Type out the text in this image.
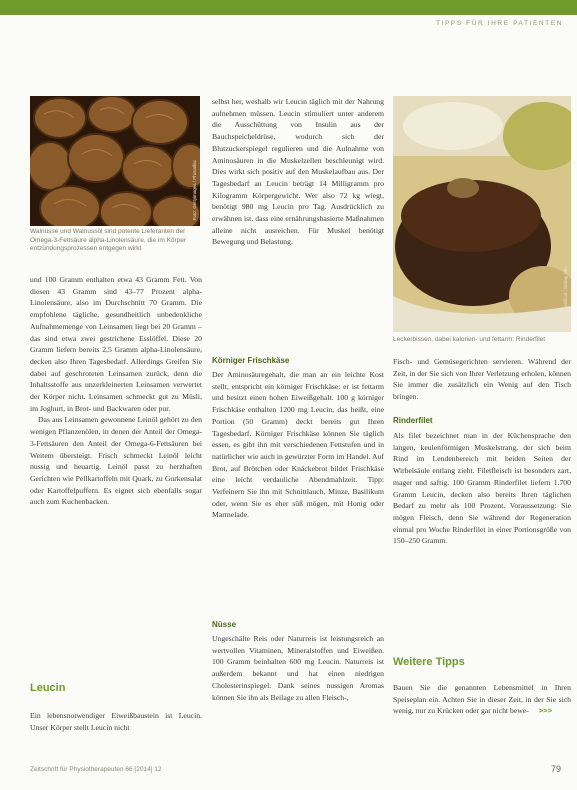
TIPPS FÜR IHRE PATIENTEN
Foto: Gettyimages / Photodisc
Walnüsse und Walnussöl sind potente Lieferanten der Omega-3-Fettsäure alpha-Linolensäure, die im Körper entzündungsprozessen entgegen wirkt
Foto: Stockfood / Eising, Wh.
Leckerbissen, dabei kalorien- und fettarm: Rinderfilet

und 100 Gramm enthalten etwa 43 Gramm Fett. Von diesen 43 Gramm sind 43–77 Prozent alpha-Linolensäure, also im Durchschnitt 70 Gramm. Die empfohlene tägliche, gesundheitlich unbedenkliche Aufnahmemenge von Leinsamen liegt bei 20 Gramm – das sind etwa zwei gestrichene Esslöffel. Diese 20 Gramm liefern bereits 2,5 Gramm alpha-Linolensäure, decken also Ihren Tagesbedarf. Allerdings Greifen Sie dabei auf geschroteten Leinsamen zurück, denn die Inhaltsstoffe aus unzerkleinerten Leinsamen verwertet der Körper nicht. Leinsamen schmeckt gut zu Müsli, im Joghurt, in Brot- und Backwaren oder pur.

Das aus Leinsamen gewonnene Leinöl gehört zu den wenigen Pflanzenölen, in denen der Anteil der Omega-3-Fettsäuren den Anteil der Omega-6-Fettsäuren bei Weitem übersteigt. Frisch schmeckt Leinöl leicht nussig und heuartig. Leinöl passt zu herzhaften Gerichten wie Pellkartoffeln mit Quark, zu Gurkensalat oder Kartoffelpuffern. Es eignet sich ebenfalls sogar auch zum Kuchenbacken.

Leucin
Ein lebensnotwendiger Eiweißbaustein ist Leucin. Unser Körper stellt Leucin nicht

selbst her, weshalb wir Leucin täglich mit der Nahrung aufnehmen müssen. Leucin stimuliert unter anderem die Ausschüttung von Insulin aus der Bauchspeicheldrüse, wodurch sich der Blutzuckerspiegel regulieren und die Aufnahme von Aminosäuren in die Muskelzellen beschleunigt wird. Dies wirkt sich positiv auf den Muskelaufbau aus. Der Tagesbedarf an Leucin beträgt 14 Milligramm pro Kilogramm Körpergewicht. Wer also 72 kg wiegt, benötigt 980 mg Leucin pro Tag. Ausdrücklich zu erwähnen ist, dass eine ernährungsbasierte Maßnahmen alleine nicht ausreichen. Für Muskel benötigt Bewegung und Belastung.

Körniger Frischkäse
Der Aminosäuregehalt, die man an ein leichte Kost stellt, entspricht ein körniger Frischkäse: er ist fettarm und besitzt einen hohen Eiweißgehalt. 100 g körniger Frischkäse enthalten 1200 mg Leucin, das heißt, eine Portion (50 Gramm) deckt bereits gut Ihren Tagesbedarf. Körniger Frischkäse können Sie täglich essen, es gibt ihn mit verschiedenen Fettstufen und in natürlicher wie auch in gewürzter Form im Handel. Auf Brot, auf Brötchen oder Knäckebrot bildet Frischkäse eine leicht verdauliche Abendmahlzeit. Tipp: Verfeinern Sie ihn mit Schnittlauch, Minze, Basilikum oder, wenn Sie es eher süß mögen, mit Honig oder Marmelade.
Nüsse
Ungeschälte Reis oder Naturreis ist leistungsreich an wertvollen Vitaminen, Mineralstoffen und Eiweißen. 100 Gramm beinhalten 600 mg Leucin. Naturreis ist außerdem bekannt und hat einen niedrigen Cholesterinspiegel. Dank seines nussigen Aromas können Sie ihn als Beilage zu allen Fleisch-,
Fisch- und Gemüsegerichten servieren. Während der Zeit, in der Sie sich von Ihrer Verletzung erholen, können Sie immer die zusätzlich ein Wenig auf den Tisch bringen.
Rinderfilet
Als filet bezeichnet man in der Küchensprache den langen, keulenförmigen Muskelstrang, der sich beim Rind im Lendenbereich mit beiden Seiten der Wirbelsäule entlang zieht. Filetfleisch ist besonders zart, mager und saftig. 100 Gramm Rinderfilet liefern 1.700 Gramm Leucin, decken also bereits Ihren täglichen Bedarf zu mehr als 100 Prozent. Voraussetzung: Sie mögen Fleisch, denn Sie während der Regeneration einmal pro Woche Rinderfilet in einer Portionsgröße von 150–250 Gramm.
Weitere Tipps
Bauen Sie die genannten Lebensmittel in Ihren Speiseplan ein. Achten Sie in dieser Zeit, in der Sie sich wenig, nur zu Krücken oder gar nicht bewe- >>>
Zeitschrift für Physiotherapeuten 66 [2014] 12	79
